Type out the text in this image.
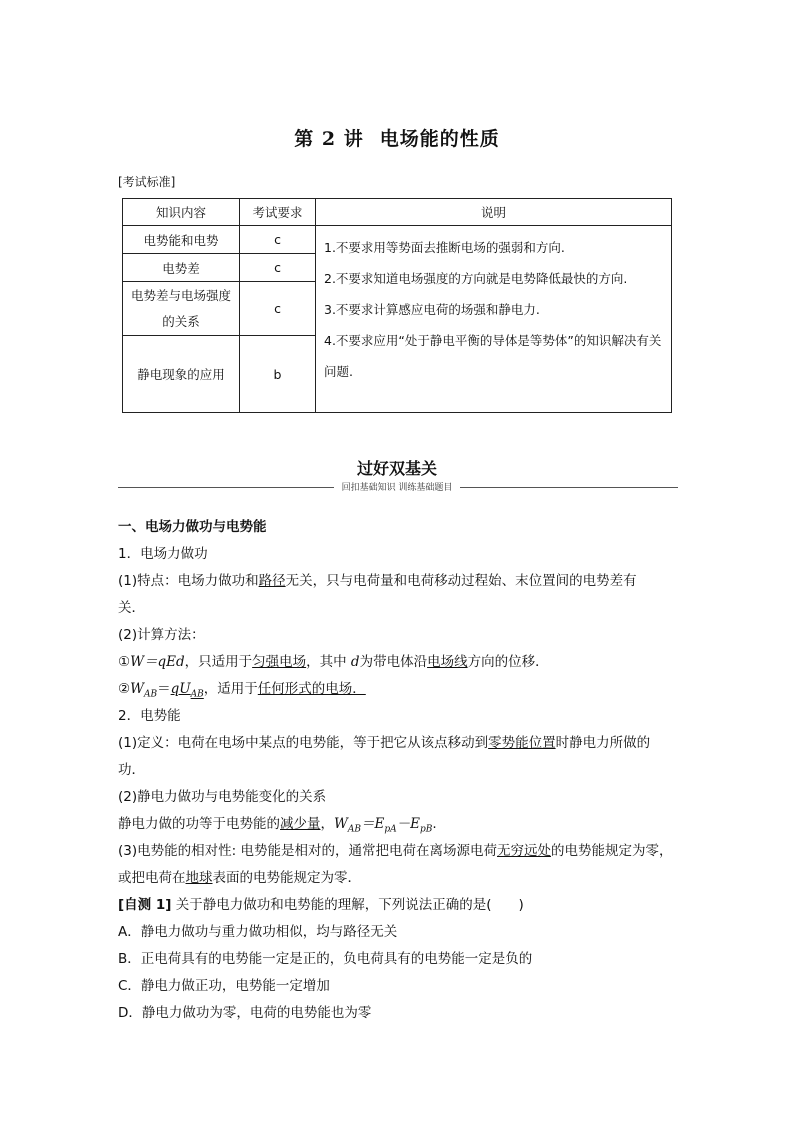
第 2 讲 电场能的性质
[考试标准]
知识内容	考试要求	说明
电势能和电势	c	1.不要求用等势面去推断电场的强弱和方向.
2.不要求知道电场强度的方向就是电势降低最快的方向.
3.不要求计算感应电荷的场强和静电力.
4.不要求应用“处于静电平衡的导体是等势体”的知识解决有关问题.

电势差	c	
电势差与电场强度的关系	c	
静电现象的应用	b	
过好双基关
回扣基础知识 训练基础题目
一、电场力做功与电势能
1．电场力做功
(1)特点：电场力做功和路径无关，只与电荷量和电荷移动过程始、末位置间的电势差有
关．
(2)计算方法：
①W＝qEd，只适用于匀强电场，其中 d为带电体沿电场线方向的位移．
$②W_{AB}=qU_{AB}$，适用于任何形式的电场．
2．电势能
(1)定义：电荷在电场中某点的电势能，等于把它从该点移动到零势能位置时静电力所做的
功．
(2)静电力做功与电势能变化的关系
静电力做的功等于电势能的减少量，$W_{AB}=E_{pA}-E_{pB}$.
(3)电势能的相对性: 电势能是相对的，通常把电荷在离场源电荷无穷远处的电势能规定为零，
或把电荷在地球表面的电势能规定为零．
[自测 1] 关于静电力做功和电势能的理解，下列说法正确的是(　　)
A．静电力做功与重力做功相似，均与路径无关
B．正电荷具有的电势能一定是正的，负电荷具有的电势能一定是负的
C．静电力做正功，电势能一定增加
D．静电力做功为零，电荷的电势能也为零
